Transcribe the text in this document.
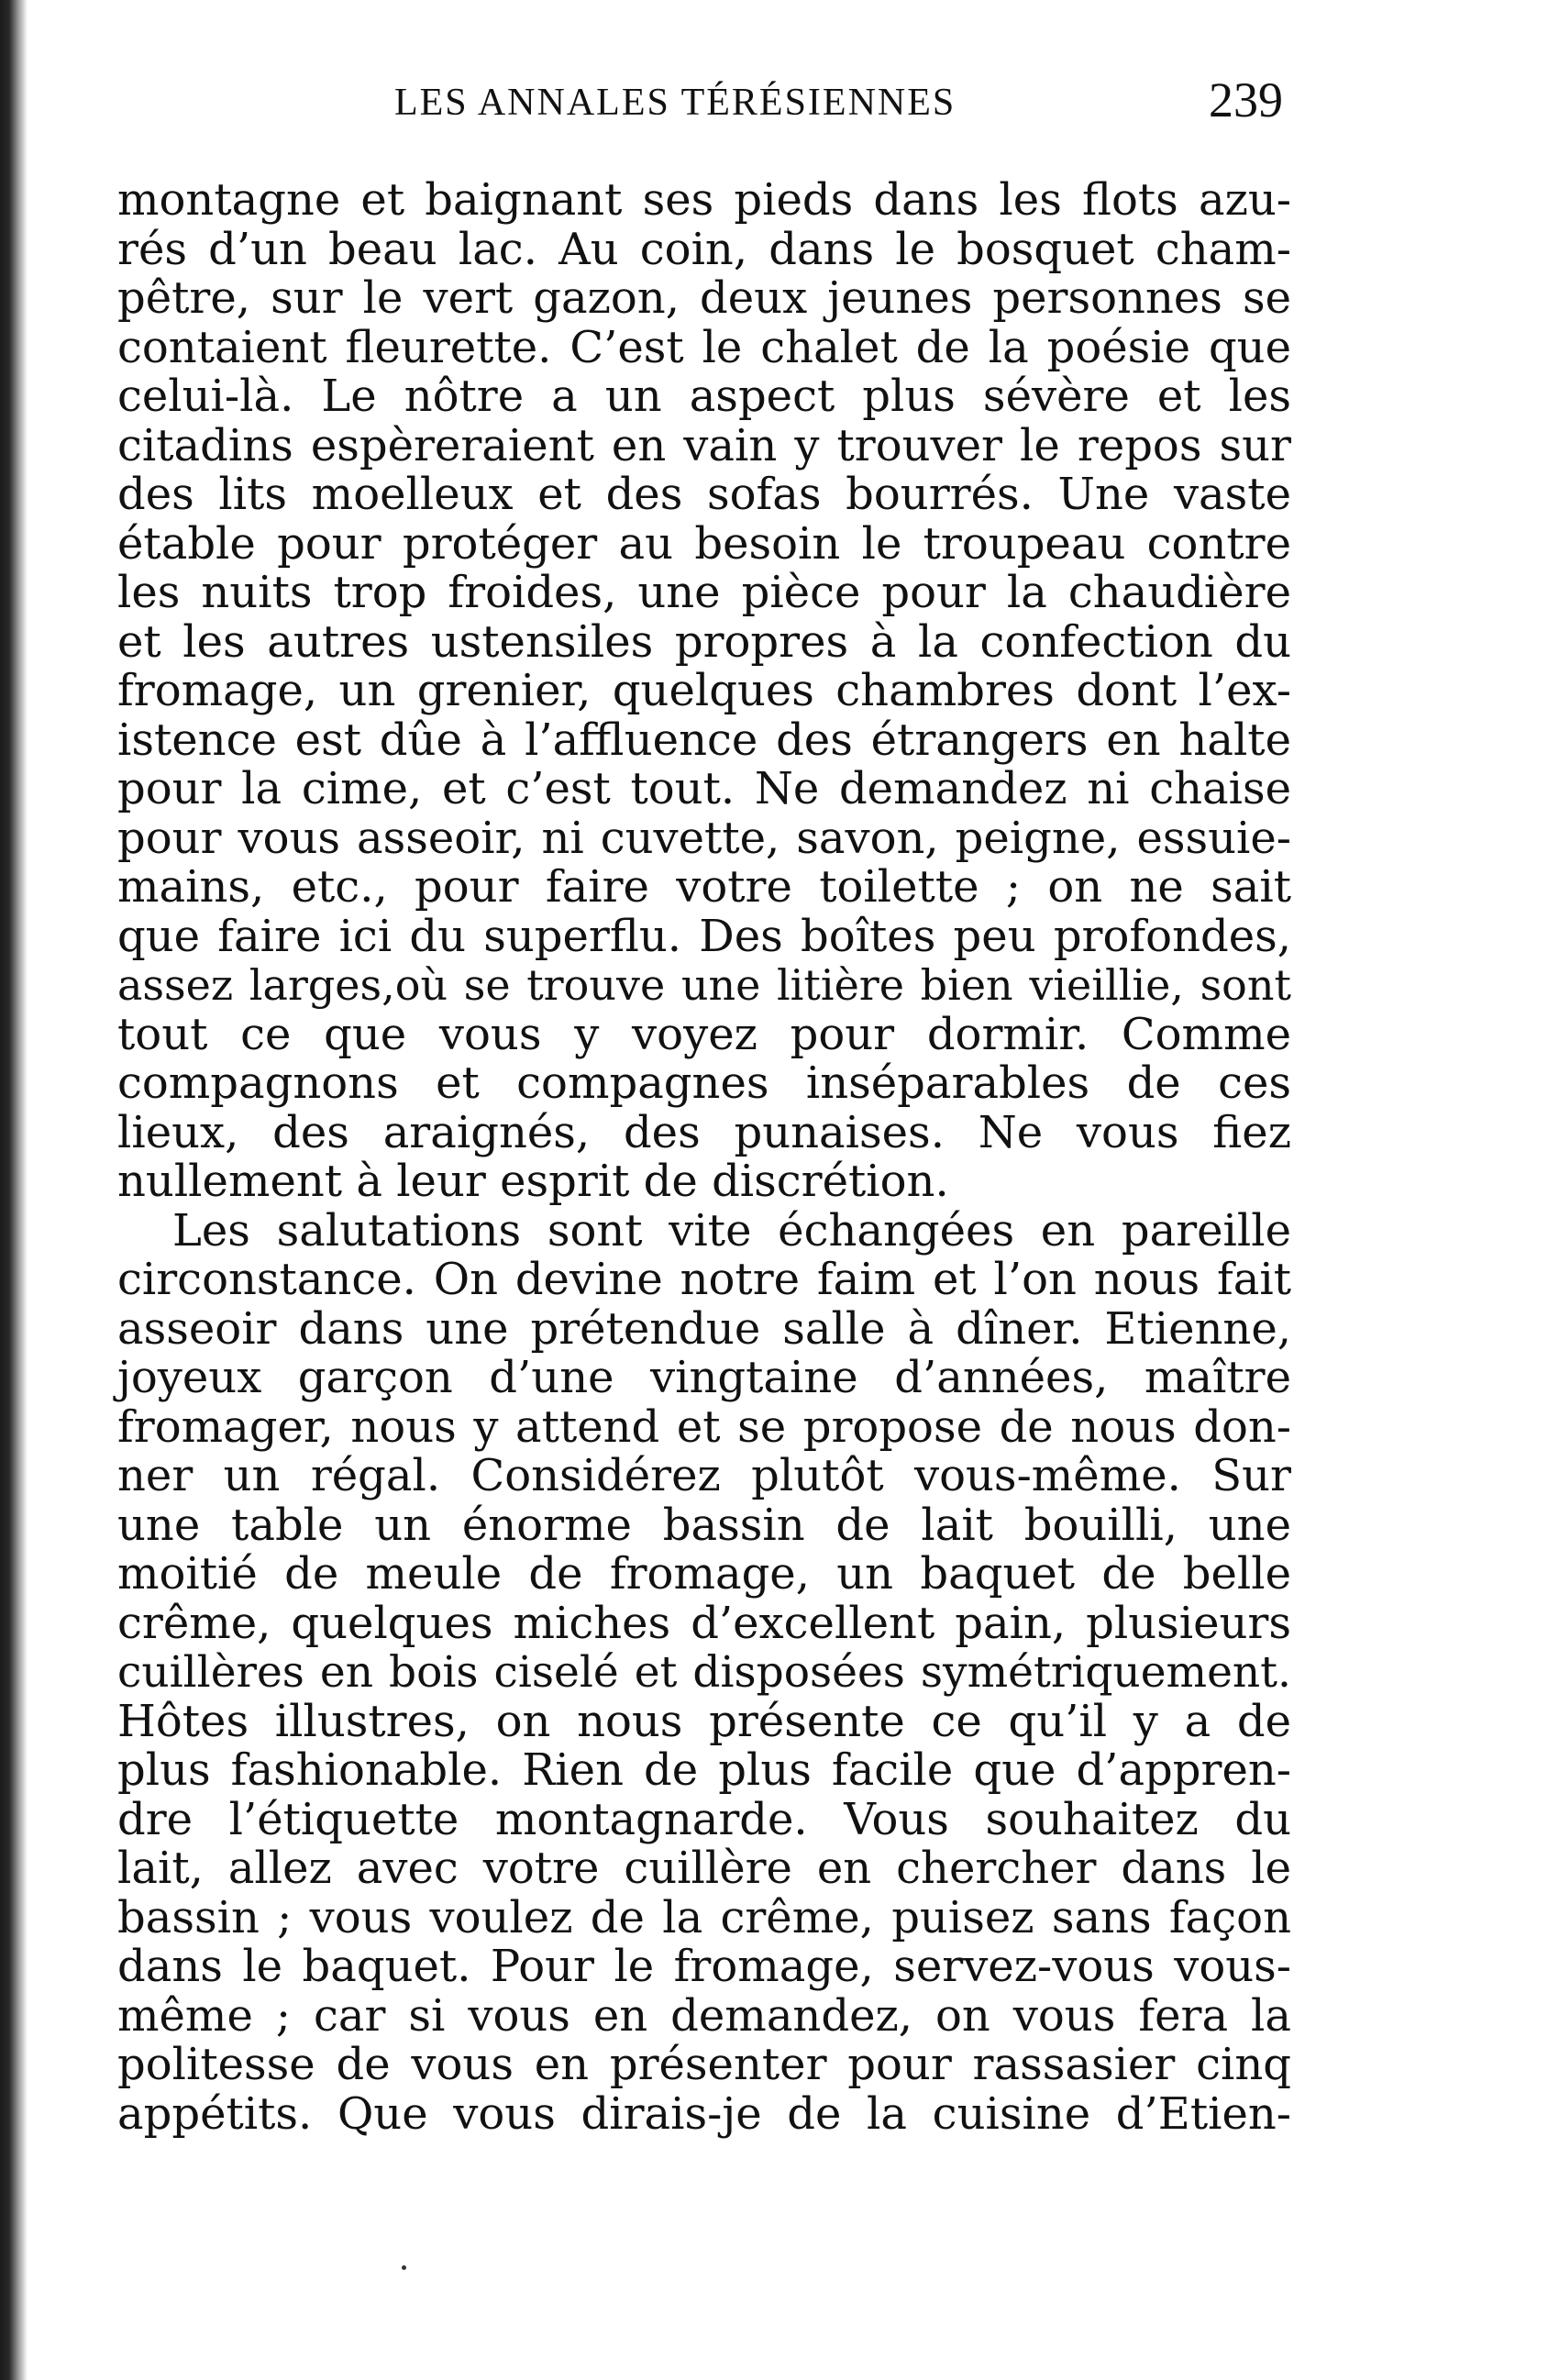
LES ANNALES TÉRÉSIENNES	239
montagne et baignant ses pieds dans les flots azu-
rés d’un beau lac. Au coin, dans le bosquet cham-
pêtre, sur le vert gazon, deux jeunes personnes se
contaient fleurette. C’est le chalet de la poésie que
celui-là. Le nôtre a un aspect plus sévère et les
citadins espèreraient en vain y trouver le repos sur
des lits moelleux et des sofas bourrés. Une vaste
étable pour protéger au besoin le troupeau contre
les nuits trop froides, une pièce pour la chaudière
et les autres ustensiles propres à la confection du
fromage, un grenier, quelques chambres dont l’ex-
istence est dûe à l’affluence des étrangers en halte
pour la cime, et c’est tout. Ne demandez ni chaise
pour vous asseoir, ni cuvette, savon, peigne, essuie-
mains, etc., pour faire votre toilette ; on ne sait
que faire ici du superflu. Des boîtes peu profondes,
assez larges,où se trouve une litière bien vieillie, sont
tout ce que vous y voyez pour dormir. Comme
compagnons et compagnes inséparables de ces
lieux, des araignés, des punaises. Ne vous fiez
nullement à leur esprit de discrétion.
Les salutations sont vite échangées en pareille
circonstance. On devine notre faim et l’on nous fait
asseoir dans une prétendue salle à dîner. Etienne,
joyeux garçon d’une vingtaine d’années, maître
fromager, nous y attend et se propose de nous don-
ner un régal. Considérez plutôt vous-même. Sur
une table un énorme bassin de lait bouilli, une
moitié de meule de fromage, un baquet de belle
crême, quelques miches d’excellent pain, plusieurs
cuillères en bois ciselé et disposées symétriquement.
Hôtes illustres, on nous présente ce qu’il y a de
plus fashionable. Rien de plus facile que d’appren-
dre l’étiquette montagnarde. Vous souhaitez du
lait, allez avec votre cuillère en chercher dans le
bassin ; vous voulez de la crême, puisez sans façon
dans le baquet. Pour le fromage, servez-vous vous-
même ; car si vous en demandez, on vous fera la
politesse de vous en présenter pour rassasier cinq
appétits. Que vous dirais-je de la cuisine d’Etien-
